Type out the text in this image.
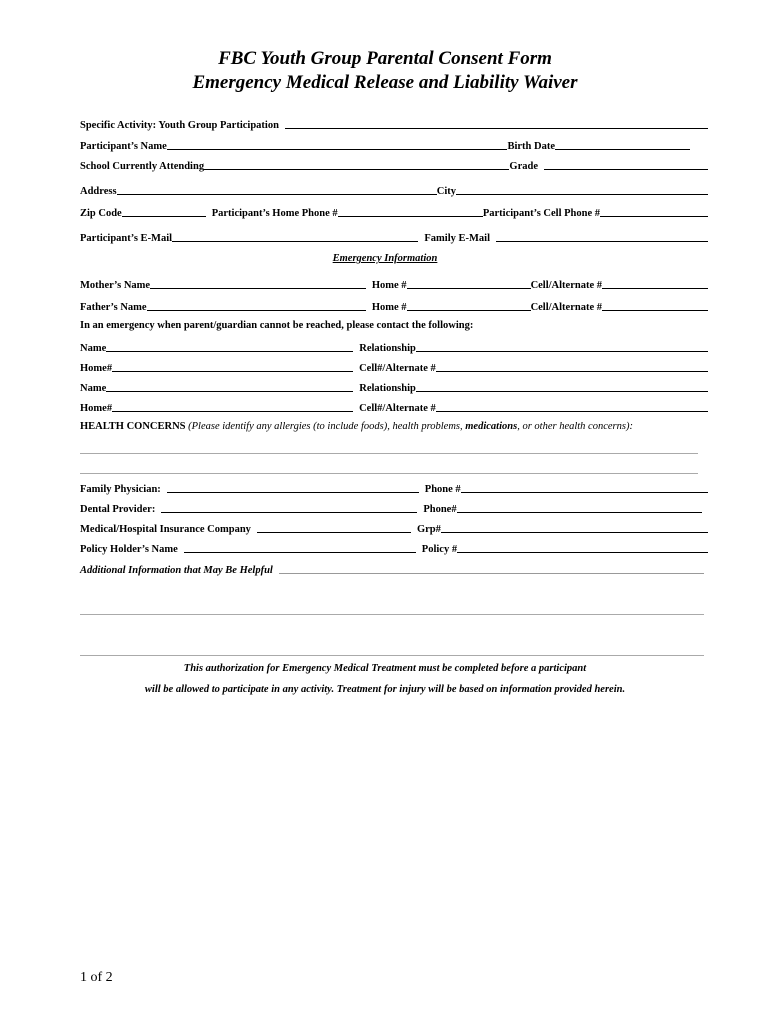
FBC Youth Group Parental Consent Form
Emergency Medical Release and Liability Waiver
Specific Activity: Youth Group Participation
Participant’s Name	Birth Date
School Currently Attending	Grade
Address	City
Zip Code	Participant’s Home Phone #	Participant’s Cell Phone #
Participant’s E-Mail	Family E-Mail
Emergency Information
Mother’s Name	Home #	Cell/Alternate #
Father’s Name	Home #	Cell/Alternate #
In an emergency when parent/guardian cannot be reached, please contact the following:
Name	Relationship
Home#	Cell#/Alternate #
Name	Relationship
Home#	Cell#/Alternate #
HEALTH CONCERNS (Please identify any allergies (to include foods), health problems, medications, or other health concerns):
Family Physician:	Phone #
Dental Provider:	Phone#
Medical/Hospital Insurance Company	Grp#
Policy Holder’s Name	Policy #
Additional Information that May Be Helpful
This authorization for Emergency Medical Treatment must be completed before a participant
will be allowed to participate in any activity. Treatment for injury will be based on information provided herein.
1 of 2
